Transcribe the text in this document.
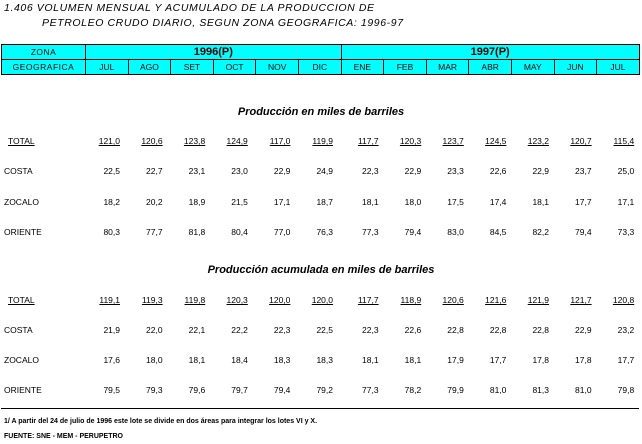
1.406 VOLUMEN MENSUAL Y ACUMULADO DE LA PRODUCCION DE
PETROLEO CRUDO DIARIO, SEGUN ZONA GEOGRAFICA: 1996-97
ZONA	1996(P)						1997(P)						
GEOGRAFICA	JUL	AGO	SET	OCT	NOV	DIC	ENE	FEB	MAR	ABR	MAY	JUN	JUL
Producción en miles de barriles
TOTAL	121,0	120,6	123,8	124,9	117,0	119,9	117,7	120,3	123,7	124,5	123,2	120,7	115,4
COSTA	22,5	22,7	23,1	23,0	22,9	24,9	22,3	22,9	23,3	22,6	22,9	23,7	25,0
ZOCALO	18,2	20,2	18,9	21,5	17,1	18,7	18,1	18,0	17,5	17,4	18,1	17,7	17,1
ORIENTE	80,3	77,7	81,8	80,4	77,0	76,3	77,3	79,4	83,0	84,5	82,2	79,4	73,3
Producción acumulada en miles de barriles
TOTAL	119,1	119,3	119,8	120,3	120,0	120,0	117,7	118,9	120,6	121,6	121,9	121,7	120,8
COSTA	21,9	22,0	22,1	22,2	22,3	22,5	22,3	22,6	22,8	22,8	22,8	22,9	23,2
ZOCALO	17,6	18,0	18,1	18,4	18,3	18,3	18,1	18,1	17,9	17,7	17,8	17,8	17,7
ORIENTE	79,5	79,3	79,6	79,7	79,4	79,2	77,3	78,2	79,9	81,0	81,3	81,0	79,8
1/ A partir del 24 de julio de 1996 este lote se divide en dos áreas para integrar los lotes VI y X.
FUENTE: SNE - MEM - PERUPETRO
